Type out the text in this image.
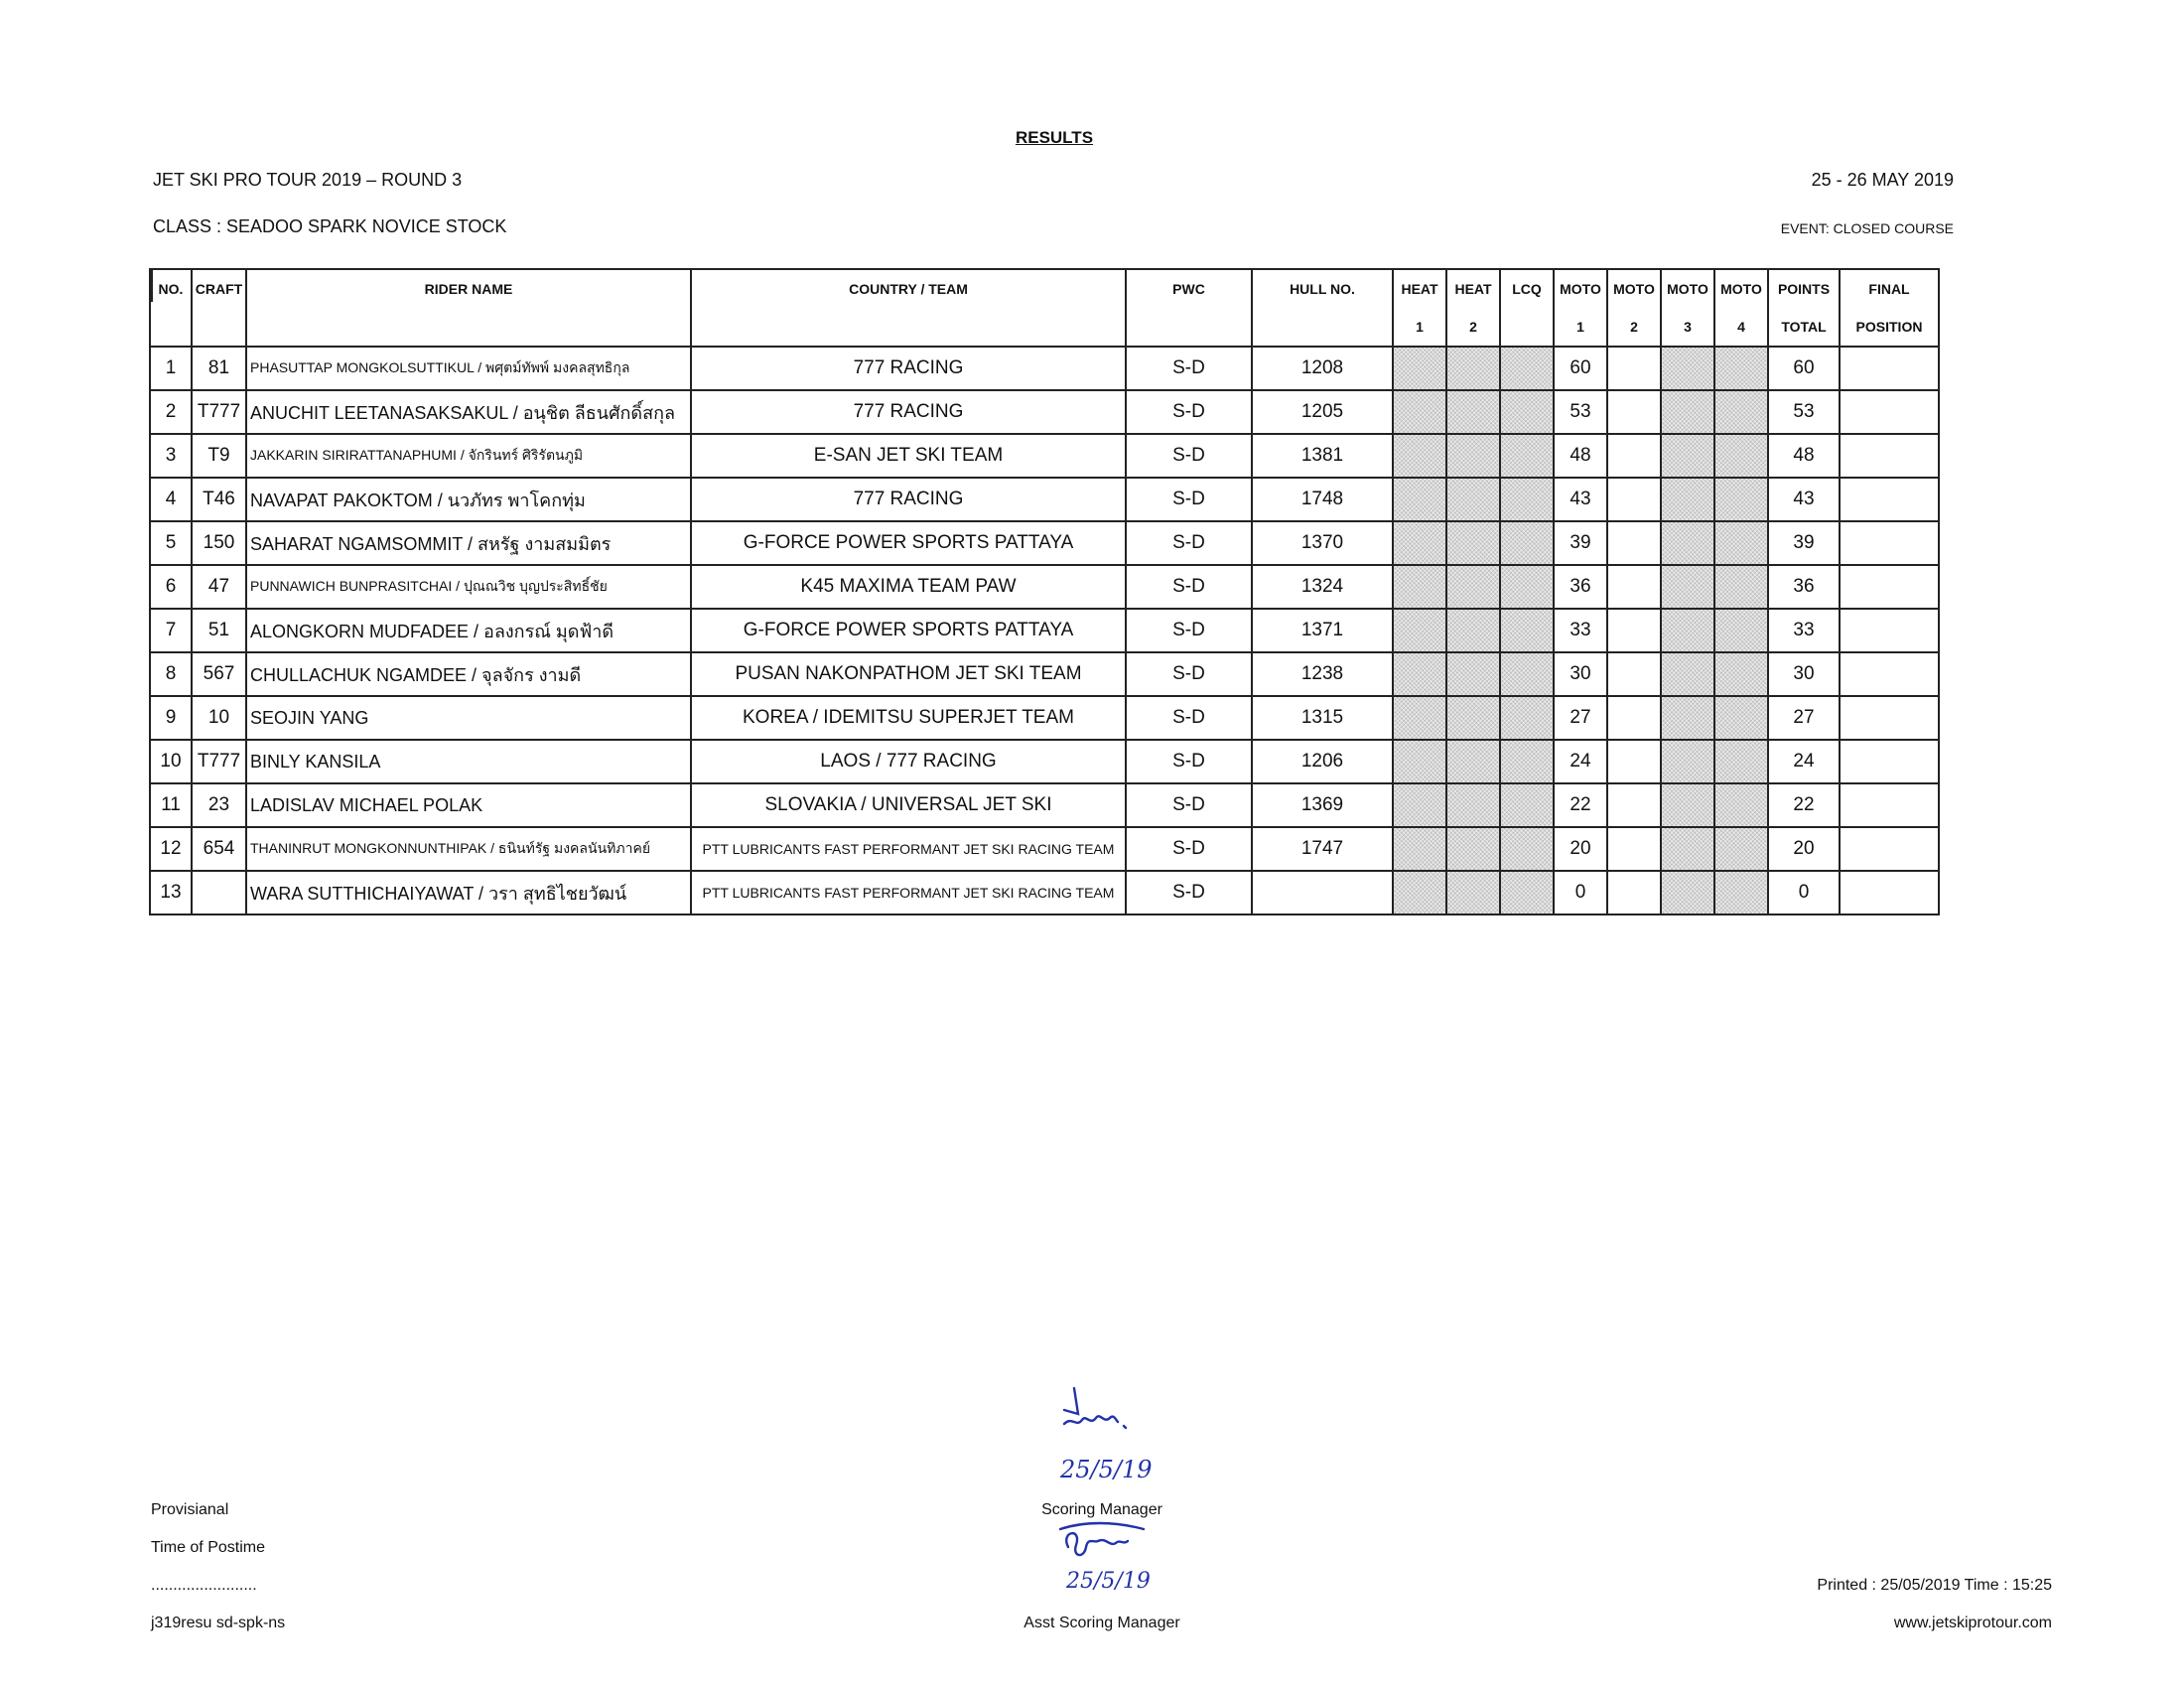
RESULTS
JET SKI PRO TOUR 2019 – ROUND 3	25 - 26 MAY 2019
CLASS : SEADOO SPARK NOVICE STOCK	EVENT: CLOSED COURSE
NO.	CRAFT	RIDER NAME	COUNTRY / TEAM	PWC	HULL NO.	HEAT	HEAT	LCQ	MOTO	MOTO	MOTO	MOTO	POINTS	FINAL
						1	2		1	2	3	4	TOTAL	POSITION
1	81	PHASUTTAP MONGKOLSUTTIKUL / พศุตม์ทัพพ์ มงคลสุทธิกุล	777 RACING	S-D	1208				60				60	
2	T777	ANUCHIT LEETANASAKSAKUL / อนุชิต ลีธนศักดิ์สกุล	777 RACING	S-D	1205				53				53	
3	T9	JAKKARIN SIRIRATTANAPHUMI / จักรินทร์ ศิริรัตนภูมิ	E-SAN JET SKI TEAM	S-D	1381				48				48	
4	T46	NAVAPAT PAKOKTOM / นวภัทร พาโคกทุ่ม	777 RACING	S-D	1748				43				43	
5	150	SAHARAT NGAMSOMMIT / สหรัฐ งามสมมิตร	G-FORCE POWER SPORTS PATTAYA	S-D	1370				39				39	
6	47	PUNNAWICH BUNPRASITCHAI / ปุณณวิช บุญประสิทธิ์ชัย	K45 MAXIMA TEAM PAW	S-D	1324				36				36	
7	51	ALONGKORN MUDFADEE / อลงกรณ์ มุดฟ้าดี	G-FORCE POWER SPORTS PATTAYA	S-D	1371				33				33	
8	567	CHULLACHUK NGAMDEE / จุลจักร งามดี	PUSAN NAKONPATHOM JET SKI TEAM	S-D	1238				30				30	
9	10	SEOJIN YANG	KOREA / IDEMITSU SUPERJET TEAM	S-D	1315				27				27	
10	T777	BINLY KANSILA	LAOS / 777 RACING	S-D	1206				24				24	
11	23	LADISLAV MICHAEL POLAK	SLOVAKIA / UNIVERSAL JET SKI	S-D	1369				22				22	
12	654	THANINRUT MONGKONNUNTHIPAK / ธนินท์รัฐ มงคลนันทิภาคย์	PTT LUBRICANTS FAST PERFORMANT JET SKI RACING TEAM	S-D	1747				20				20	
13		WARA SUTTHICHAIYAWAT / วรา สุทธิไชยวัฒน์	PTT LUBRICANTS FAST PERFORMANT JET SKI RACING TEAM	S-D					0				0	
Provisianal
Time of Postime
........................
j319resu sd-spk-ns
Scoring Manager
Asst Scoring Manager
Printed : 25/05/2019 Time : 15:25
www.jetskiprotour.com
25/5/19
25/5/19
